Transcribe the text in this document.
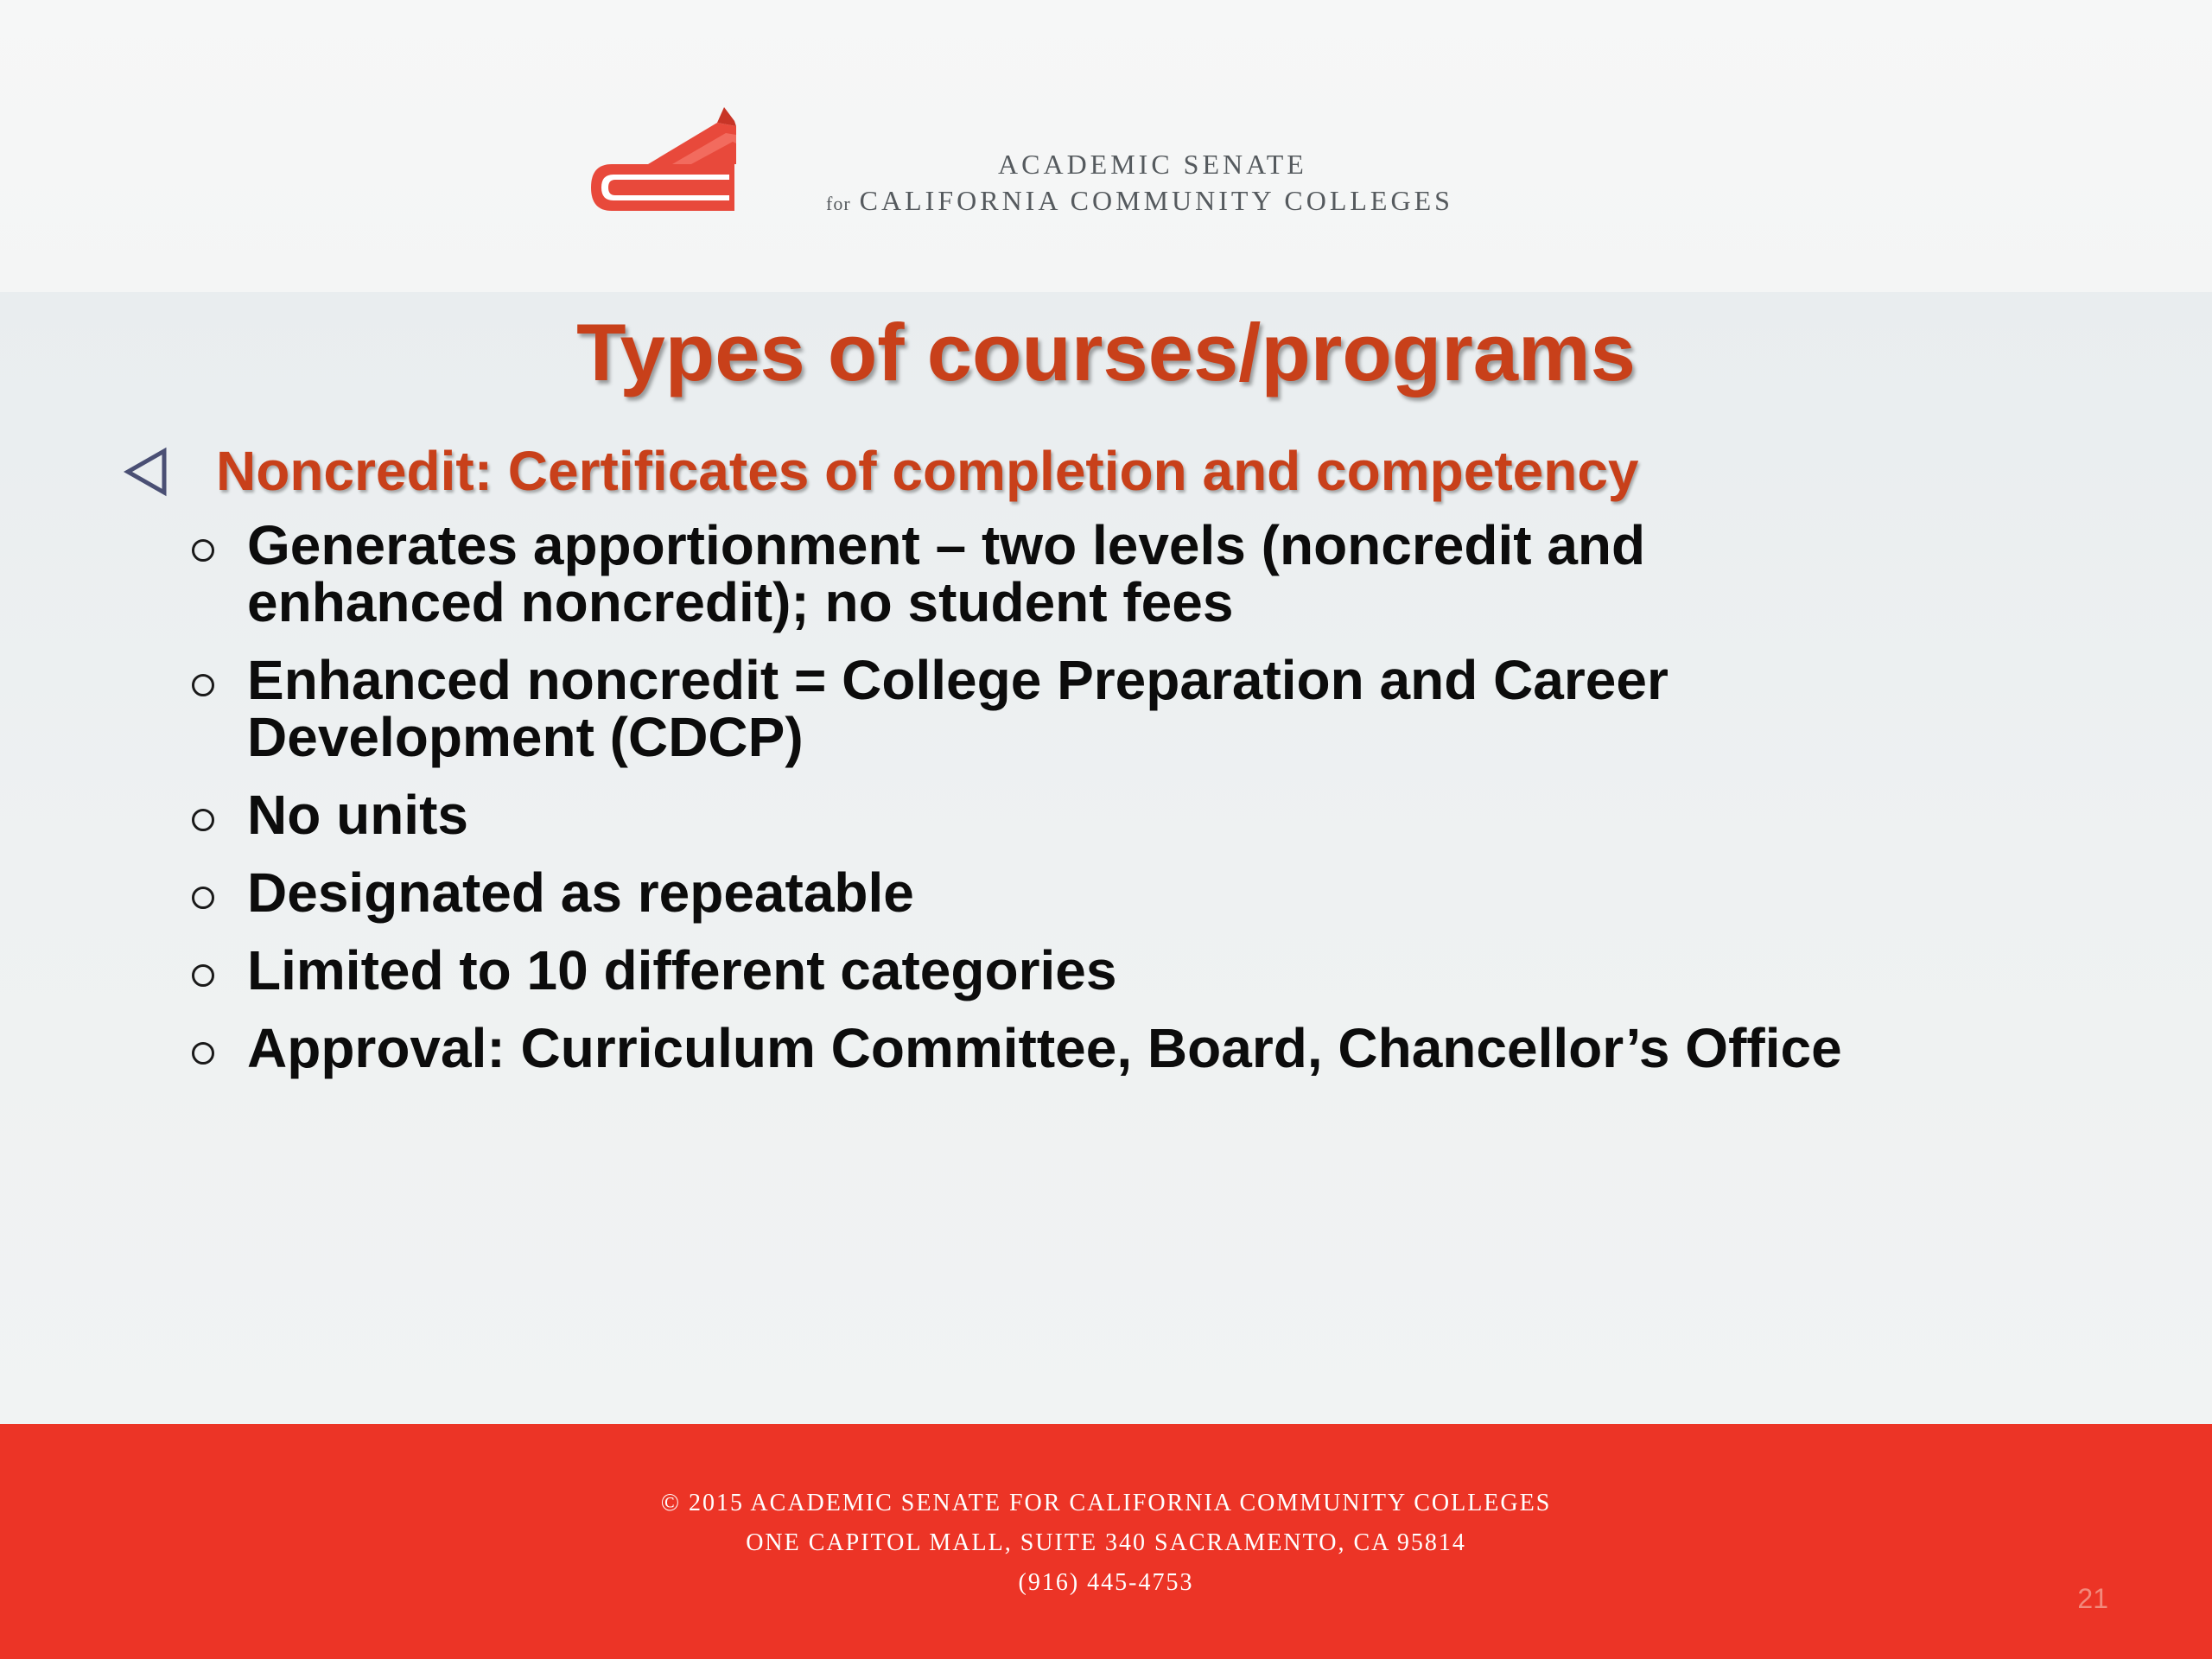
ACADEMIC SENATE
for CALIFORNIA COMMUNITY COLLEGES
Types of courses/programs
Noncredit: Certificates of completion and competency
Generates apportionment – two levels (noncredit and
enhanced noncredit); no student fees
Enhanced noncredit = College Preparation and Career
Development (CDCP)
No units
Designated as repeatable
Limited to 10 different categories
Approval: Curriculum Committee, Board, Chancellor’s Office
© 2015 ACADEMIC SENATE FOR CALIFORNIA COMMUNITY COLLEGES
ONE CAPITOL MALL, SUITE 340 SACRAMENTO, CA 95814
(916) 445-4753
21
